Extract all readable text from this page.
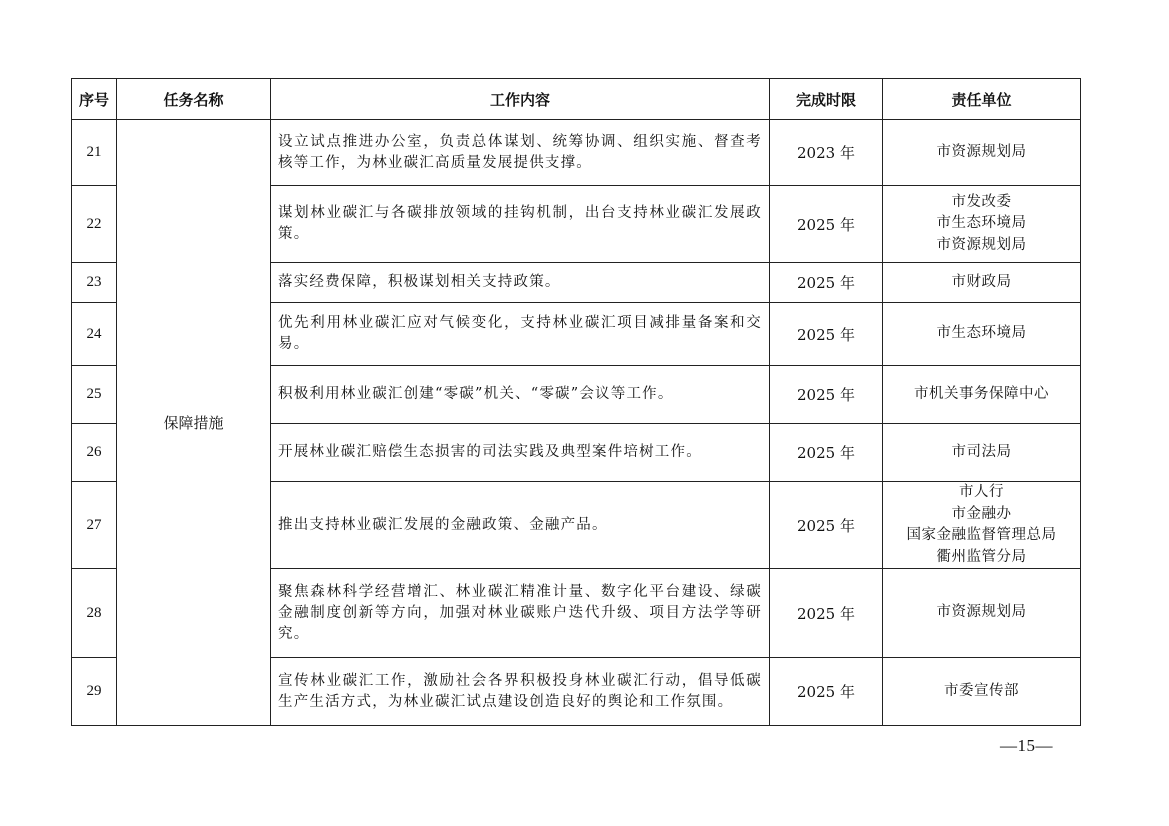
序号	任务名称	工作内容	完成时限	责任单位
21	保障措施	设立试点推进办公室，负责总体谋划、统筹协调、组织实施、督查考核等工作，为林业碳汇高质量发展提供支撑。	2023 年	市资源规划局

22		谋划林业碳汇与各碳排放领域的挂钩机制，出台支持林业碳汇发展政策。	2025 年	市发改委
市生态环境局
市资源规划局

23		落实经费保障，积极谋划相关支持政策。	2025 年	市财政局

24		优先利用林业碳汇应对气候变化，支持林业碳汇项目减排量备案和交易。	2025 年	市生态环境局

25		积极利用林业碳汇创建“零碳”机关、“零碳”会议等工作。	2025 年	市机关事务保障中心

26		开展林业碳汇赔偿生态损害的司法实践及典型案件培树工作。	2025 年	市司法局

27		推出支持林业碳汇发展的金融政策、金融产品。	2025 年	市人行
市金融办
国家金融监督管理总局
衢州监管分局

28		聚焦森林科学经营增汇、林业碳汇精准计量、数字化平台建设、绿碳金融制度创新等方向，加强对林业碳账户迭代升级、项目方法学等研究。	2025 年	市资源规划局

29		宣传林业碳汇工作，激励社会各界积极投身林业碳汇行动，倡导低碳生产生活方式，为林业碳汇试点建设创造良好的舆论和工作氛围。	2025 年	市委宣传部
—15—
